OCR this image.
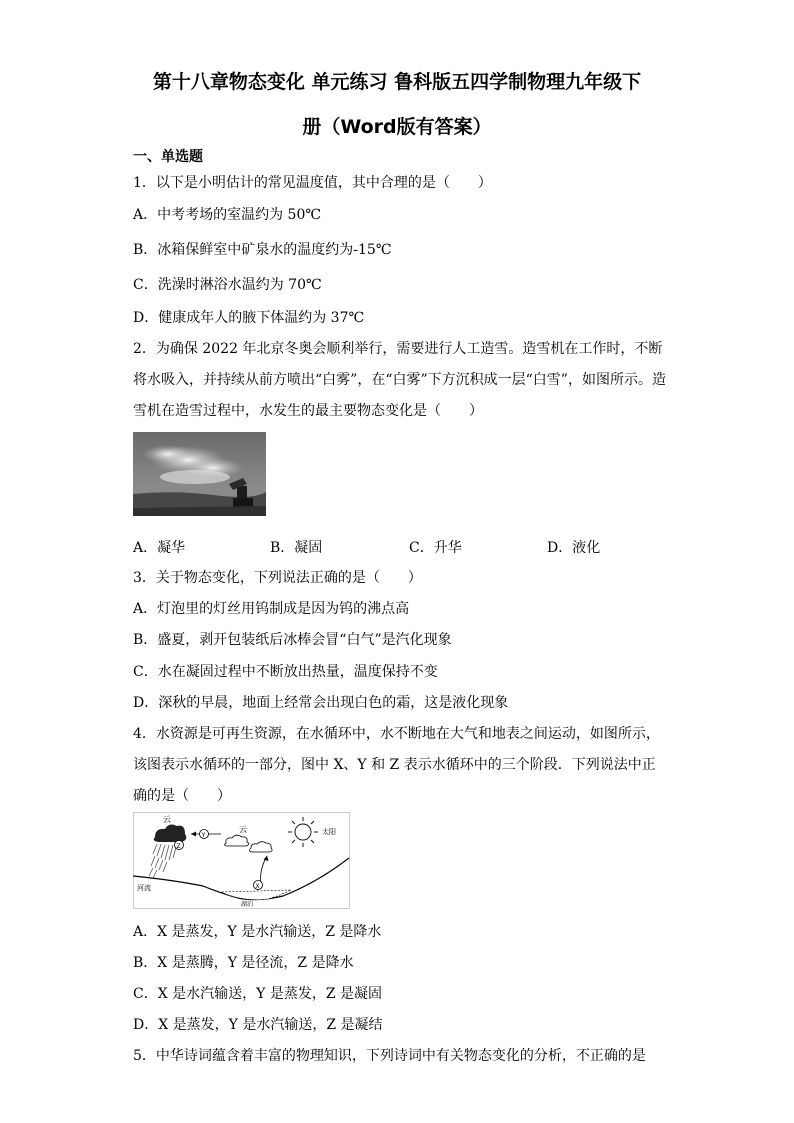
第十八章物态变化 单元练习 鲁科版五四学制物理九年级下
册（Word版有答案）
一、单选题
1．以下是小明估计的常见温度值，其中合理的是（　　）
A．中考考场的室温约为 50℃
B．冰箱保鲜室中矿泉水的温度约为-15℃
C．洗澡时淋浴水温约为 70℃
D．健康成年人的腋下体温约为 37℃
2．为确保 2022 年北京冬奥会顺利举行，需要进行人工造雪。造雪机在工作时，不断
将水吸入，并持续从前方喷出“白雾”，在“白雾”下方沉积成一层“白雪”，如图所示。造
雪机在造雪过程中，水发生的最主要物态变化是（　　）
A．凝华	B．凝固	C．升华	D．液化
3．关于物态变化，下列说法正确的是（　　）
A．灯泡里的灯丝用钨制成是因为钨的沸点高
B．盛夏，剥开包装纸后冰棒会冒“白气”是汽化现象
C．水在凝固过程中不断放出热量，温度保持不变
D．深秋的早晨，地面上经常会出现白色的霜，这是液化现象
4．水资源是可再生资源，在水循环中，水不断地在大气和地表之间运动，如图所示，
该图表示水循环的一部分，图中 X、Y 和 Z 表示水循环中的三个阶段．下列说法中正
确的是（　　）
云
Z
Y
云	太阳
湖泊
河流	X
A．X 是蒸发，Y 是水汽输送，Z 是降水
B．X 是蒸腾，Y 是径流，Z 是降水
C．X 是水汽输送，Y 是蒸发，Z 是凝固
D．X 是蒸发，Y 是水汽输送，Z 是凝结
5．中华诗词蕴含着丰富的物理知识，下列诗词中有关物态变化的分析，不正确的是
